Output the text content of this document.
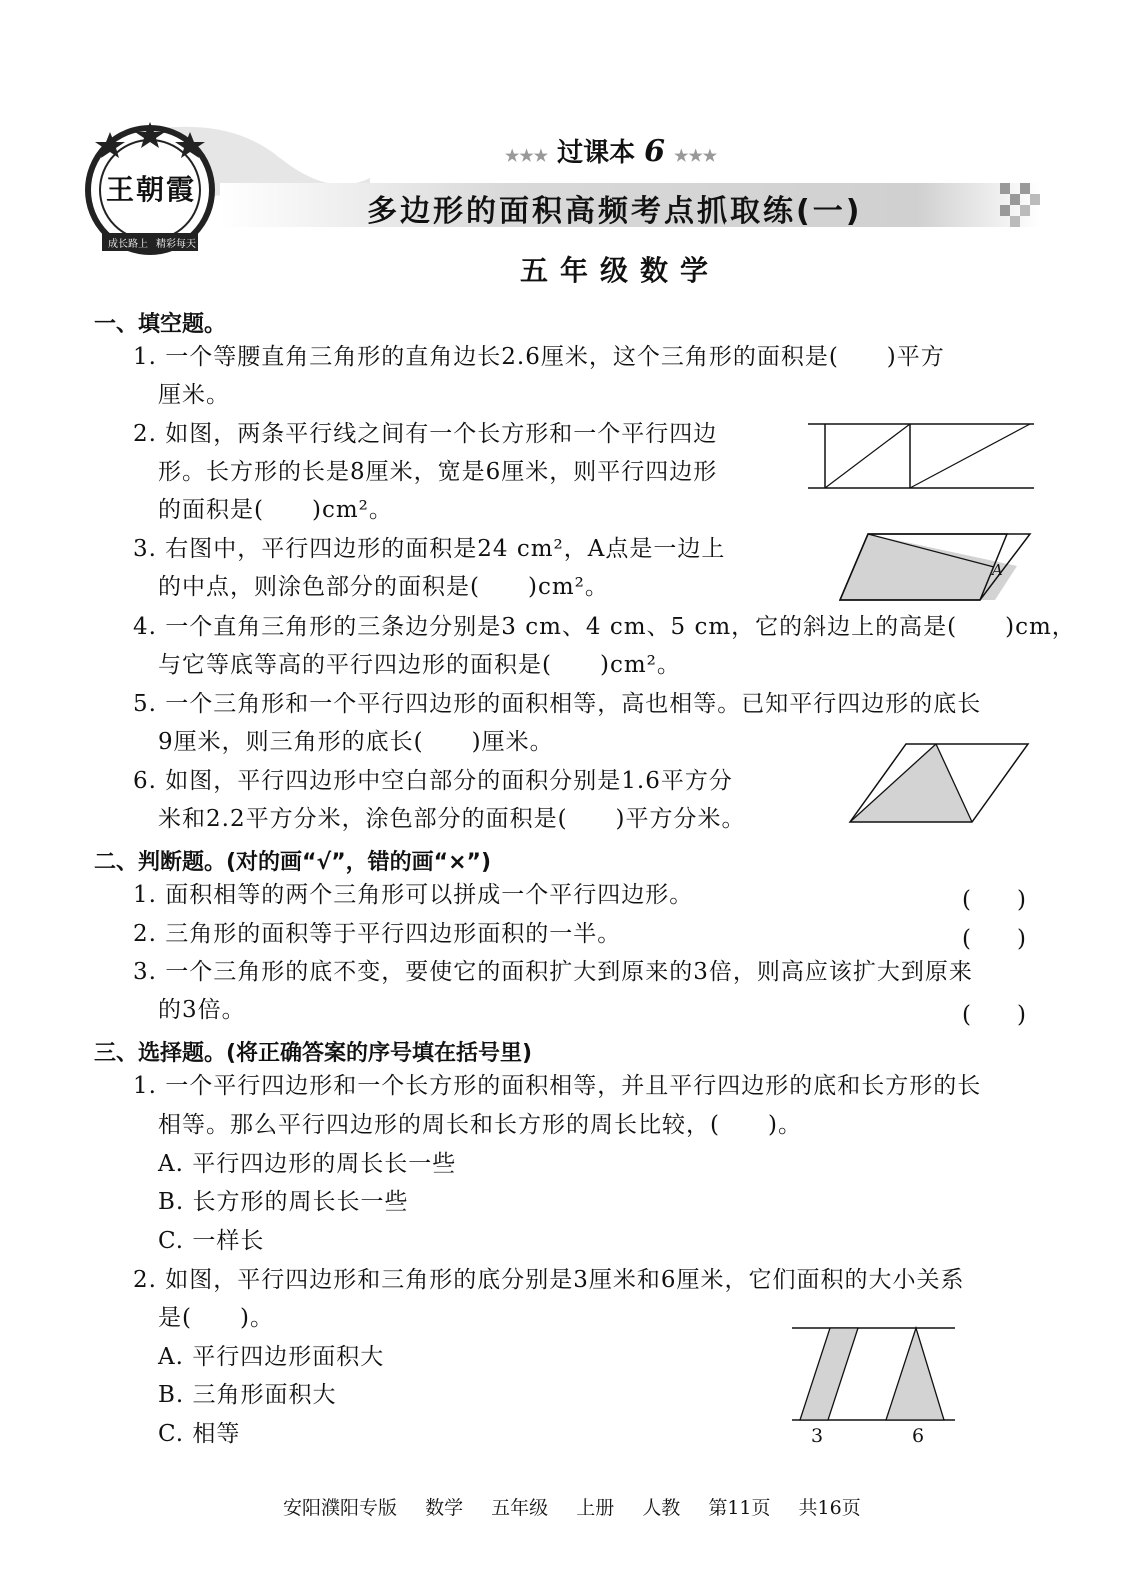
王朝霞
成长路上 精彩每天
★★★ 过课本 6 ★★★
多边形的面积高频考点抓取练(一)
五年级数学
一、填空题。
1. 一个等腰直角三角形的直角边长2.6厘米，这个三角形的面积是(　　)平方
厘米。
2. 如图，两条平行线之间有一个长方形和一个平行四边
形。长方形的长是8厘米，宽是6厘米，则平行四边形
的面积是(　　)cm²。
3. 右图中，平行四边形的面积是24 cm²，A点是一边上
的中点，则涂色部分的面积是(　　)cm²。
A
4. 一个直角三角形的三条边分别是3 cm、4 cm、5 cm，它的斜边上的高是(　　)cm，
与它等底等高的平行四边形的面积是(　　)cm²。
5. 一个三角形和一个平行四边形的面积相等，高也相等。已知平行四边形的底长
9厘米，则三角形的底长(　　)厘米。
6. 如图，平行四边形中空白部分的面积分别是1.6平方分
米和2.2平方分米，涂色部分的面积是(　　)平方分米。
二、判断题。(对的画“√”，错的画“×”)
1. 面积相等的两个三角形可以拼成一个平行四边形。	(　　)
2. 三角形的面积等于平行四边形面积的一半。	(　　)
3. 一个三角形的底不变，要使它的面积扩大到原来的3倍，则高应该扩大到原来
的3倍。	(　　)
三、选择题。(将正确答案的序号填在括号里)
1. 一个平行四边形和一个长方形的面积相等，并且平行四边形的底和长方形的长
相等。那么平行四边形的周长和长方形的周长比较，(　　)。
A. 平行四边形的周长长一些
B. 长方形的周长长一些
C. 一样长
2. 如图，平行四边形和三角形的底分别是3厘米和6厘米，它们面积的大小关系
是(　　)。
A. 平行四边形面积大
B. 三角形面积大
C. 相等	3	6
安阳濮阳专版 数学 五年级 上册 人教 第11页 共16页
